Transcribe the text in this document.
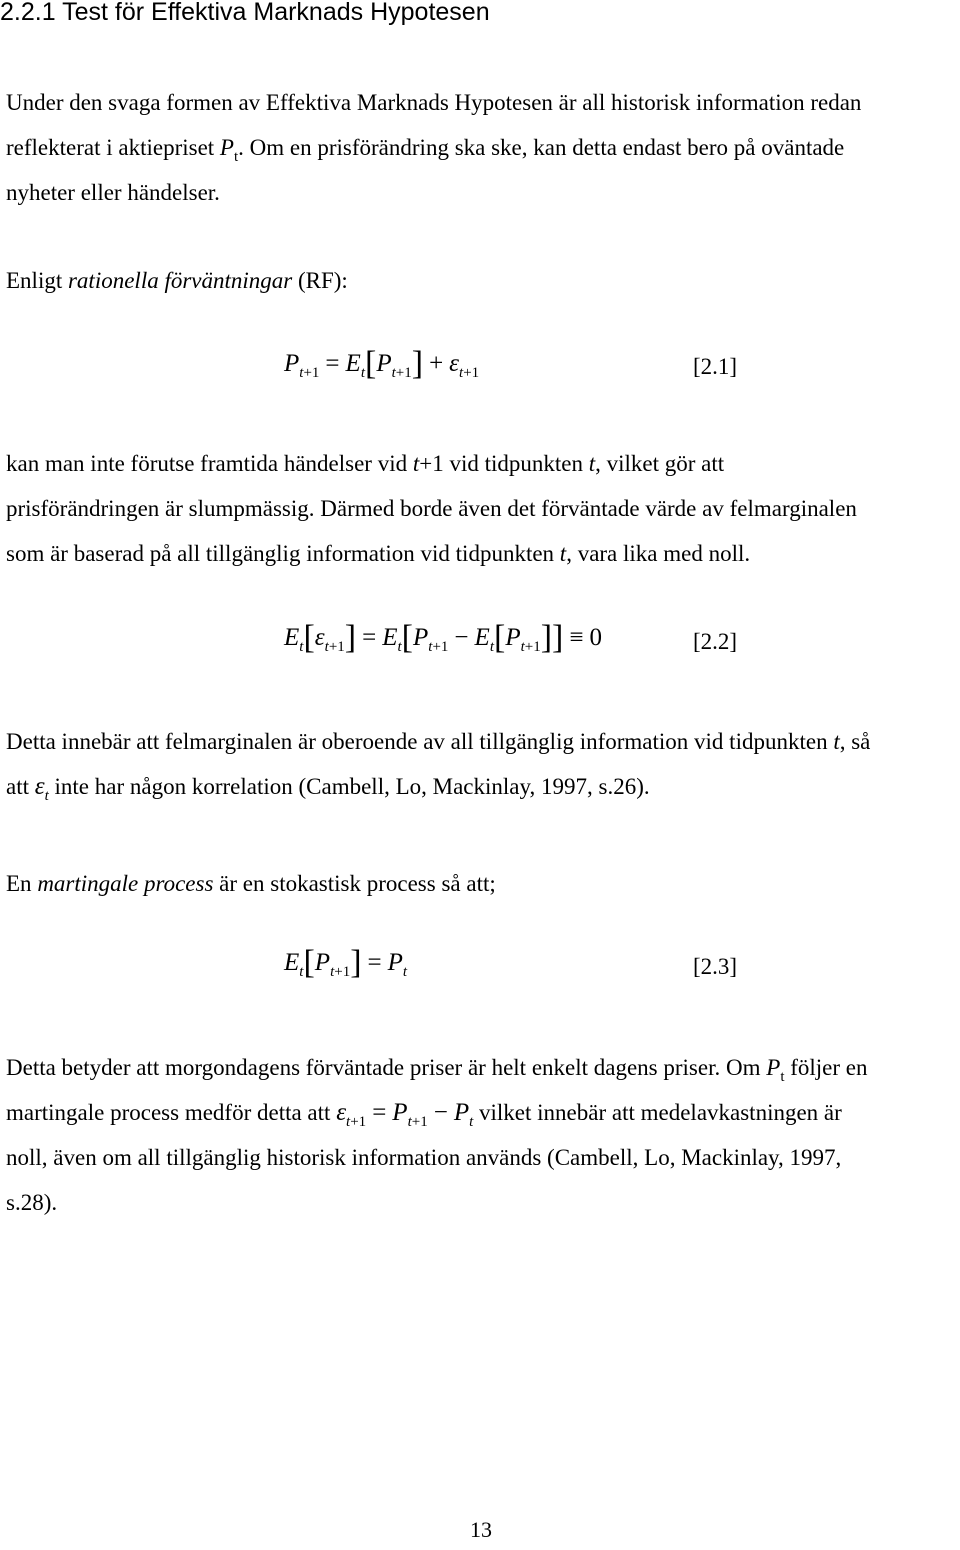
2.2.1 Test för Effektiva Marknads Hypotesen
Under den svaga formen av Effektiva Marknads Hypotesen är all historisk information redan
reflekterat i aktiepriset $P_t$. Om en prisförändring ska ske, kan detta endast bero på oväntade
nyheter eller händelser.
Enligt rationella förväntningar (RF):
$P_{t+1} = E_t[P_{t+1}] + \varepsilon_{t+1}$	[2.1]
kan man inte förutse framtida händelser vid t+1 vid tidpunkten t, vilket gör att
prisförändringen är slumpmässig. Därmed borde även det förväntade värde av felmarginalen
som är baserad på all tillgänglig information vid tidpunkten t, vara lika med noll.
$E_t[\varepsilon_{t+1}] = E_t[P_{t+1} - E_t[P_{t+1}]] \equiv 0$	[2.2]
Detta innebär att felmarginalen är oberoende av all tillgänglig information vid tidpunkten t, så
att $\varepsilon_t$ inte har någon korrelation (Cambell, Lo, Mackinlay, 1997, s.26).
En martingale process är en stokastisk process så att;
$E_t[P_{t+1}] = P_t$	[2.3]
Detta betyder att morgondagens förväntade priser är helt enkelt dagens priser. Om $P_t$ följer en
martingale process medför detta att $\varepsilon_{t+1} = P_{t+1} - P_t$ vilket innebär att medelavkastningen är
noll, även om all tillgänglig historisk information används (Cambell, Lo, Mackinlay, 1997,
s.28).
13
